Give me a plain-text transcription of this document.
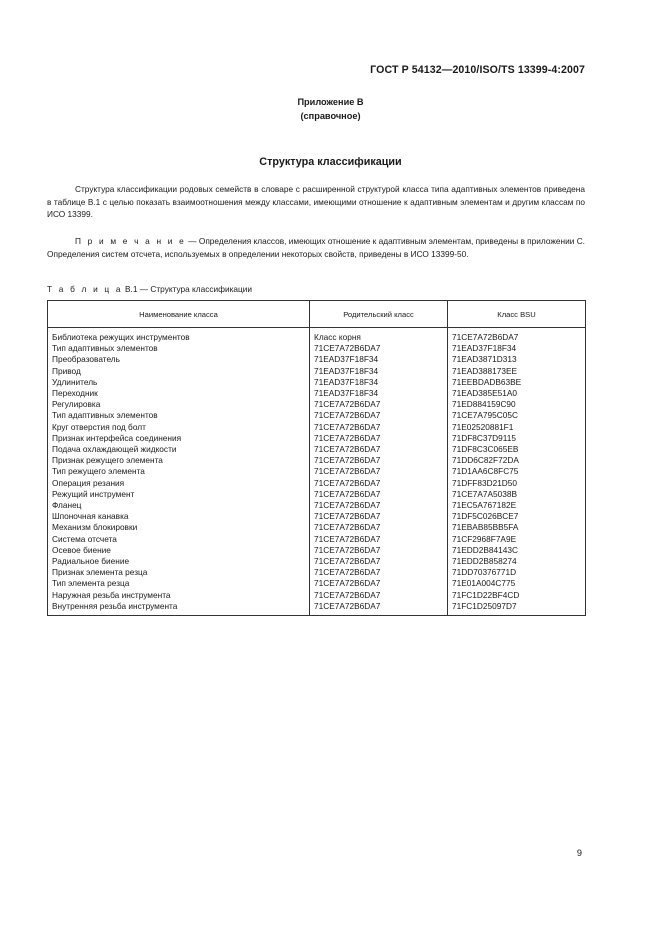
ГОСТ Р 54132—2010/ISO/TS 13399-4:2007
Приложение B
(справочное)
Структура классификации

Структура классификации родовых семейств в словаре с расширенной структурой класса типа адаптивных элементов приведена в таблице B.1 с целью показать взаимоотношения между классами, имеющими отношение к адаптивным элементам и другим классам по ИСО 13399.

П р и м е ч а н и е — Определения классов, имеющих отношение к адаптивным элементам, приведены в приложении C. Определения систем отсчета, используемых в определении некоторых свойств, приведены в ИСО 13399-50.

Т а б л и ц а B.1 — Структура классификации
Наименование класса	Родительский класс	Класс BSU
Библиотека режущих инструментов	Класс корня	71CE7A72B6DA7
Тип адаптивных элементов	71CE7A72B6DA7	71EAD37F18F34
Преобразователь	71EAD37F18F34	71EAD3871D313
Привод	71EAD37F18F34	71EAD388173EE
Удлинитель	71EAD37F18F34	71EEBDADB63BE
Переходник	71EAD37F18F34	71EAD385E51A0
Регулировка	71CE7A72B6DA7	71ED884159C90
Тип адаптивных элементов	71CE7A72B6DA7	71CE7A795C05C
Круг отверстия под болт	71CE7A72B6DA7	71E02520881F1
Признак интерфейса соединения	71CE7A72B6DA7	71DF8C37D9115
Подача охлаждающей жидкости	71CE7A72B6DA7	71DF8C3C065EB
Признак режущего элемента	71CE7A72B6DA7	71DD6C82F72DA
Тип режущего элемента	71CE7A72B6DA7	71D1AA6C8FC75
Операция резания	71CE7A72B6DA7	71DFF83D21D50
Режущий инструмент	71CE7A72B6DA7	71CE7A7A5038B
Фланец	71CE7A72B6DA7	71EC5A767182E
Шпоночная канавка	71CE7A72B6DA7	71DF5C026BCE7
Механизм блокировки	71CE7A72B6DA7	71EBAB85BB5FA
Система отсчета	71CE7A72B6DA7	71CF2968F7A9E
Осевое биение	71CE7A72B6DA7	71EDD2B84143C
Радиальное биение	71CE7A72B6DA7	71EDD2B858274
Признак элемента резца	71CE7A72B6DA7	71DD70376771D
Тип элемента резца	71CE7A72B6DA7	71E01A004C775
Наружная резьба инструмента	71CE7A72B6DA7	71FC1D22BF4CD
Внутренняя резьба инструмента	71CE7A72B6DA7	71FC1D25097D7
9
